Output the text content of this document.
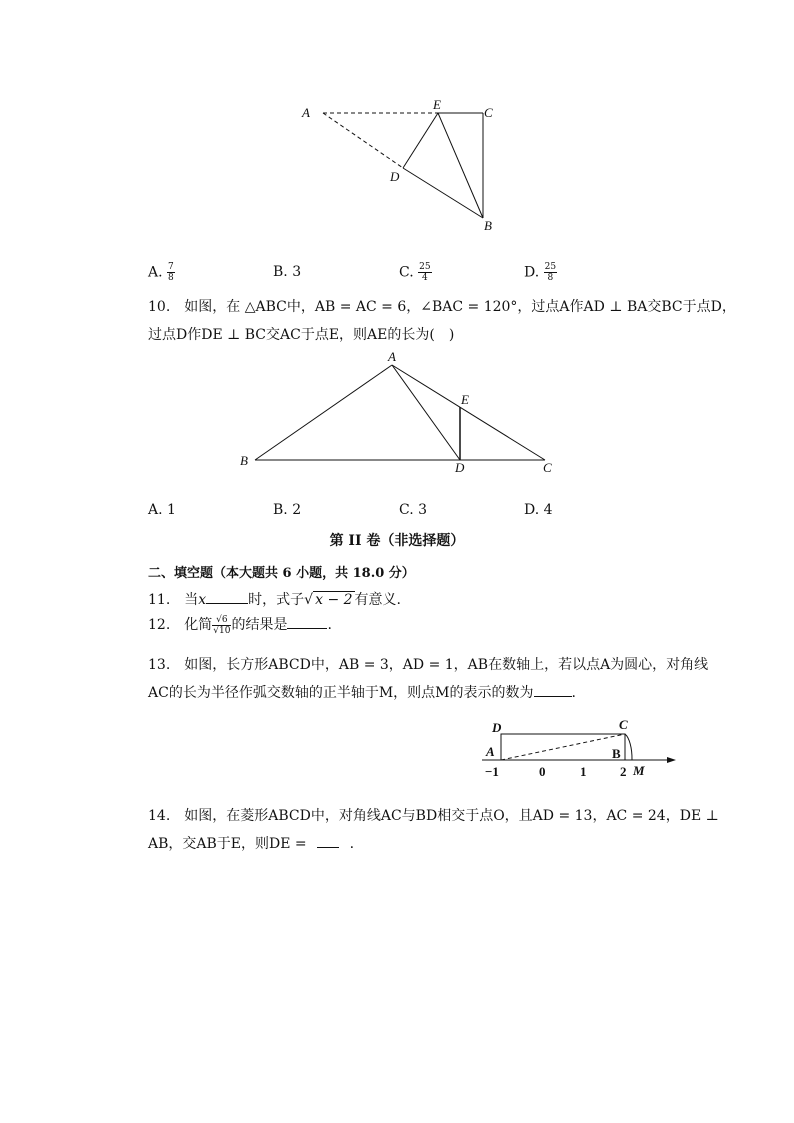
A
E
C
D
B
A. $\frac{7}{8}$	B. 3	C. $\frac{25}{4}$	D. $\frac{25}{8}$
10.　如图，在 △ABC中，AB = AC = 6，∠BAC = 120°，过点A作AD ⊥ BA交BC于点D，
过点D作DE ⊥ BC交AC于点E，则AE的长为(　)
A
E
B	D	C
A. 1	B. 2	C. 3	D. 4
第 II 卷（非选择题）
二、填空题（本大题共 6 小题，共 18.0 分）
11.　当x	时，式子√ x − 2 有意义.
12.　化简 $\frac{√6}{√10}$ 的结果是	.
13.　如图，长方形ABCD中，AB = 3，AD = 1，AB在数轴上，若以点A为圆心，对角线
AC的长为半径作弧交数轴的正半轴于M，则点M的表示的数为	.
D	C
A	B
M
−1	0	1	2
14.　如图，在菱形ABCD中，对角线AC与BD相交于点O，且AD = 13，AC = 24，DE ⊥
AB，交AB于E，则DE =	.
